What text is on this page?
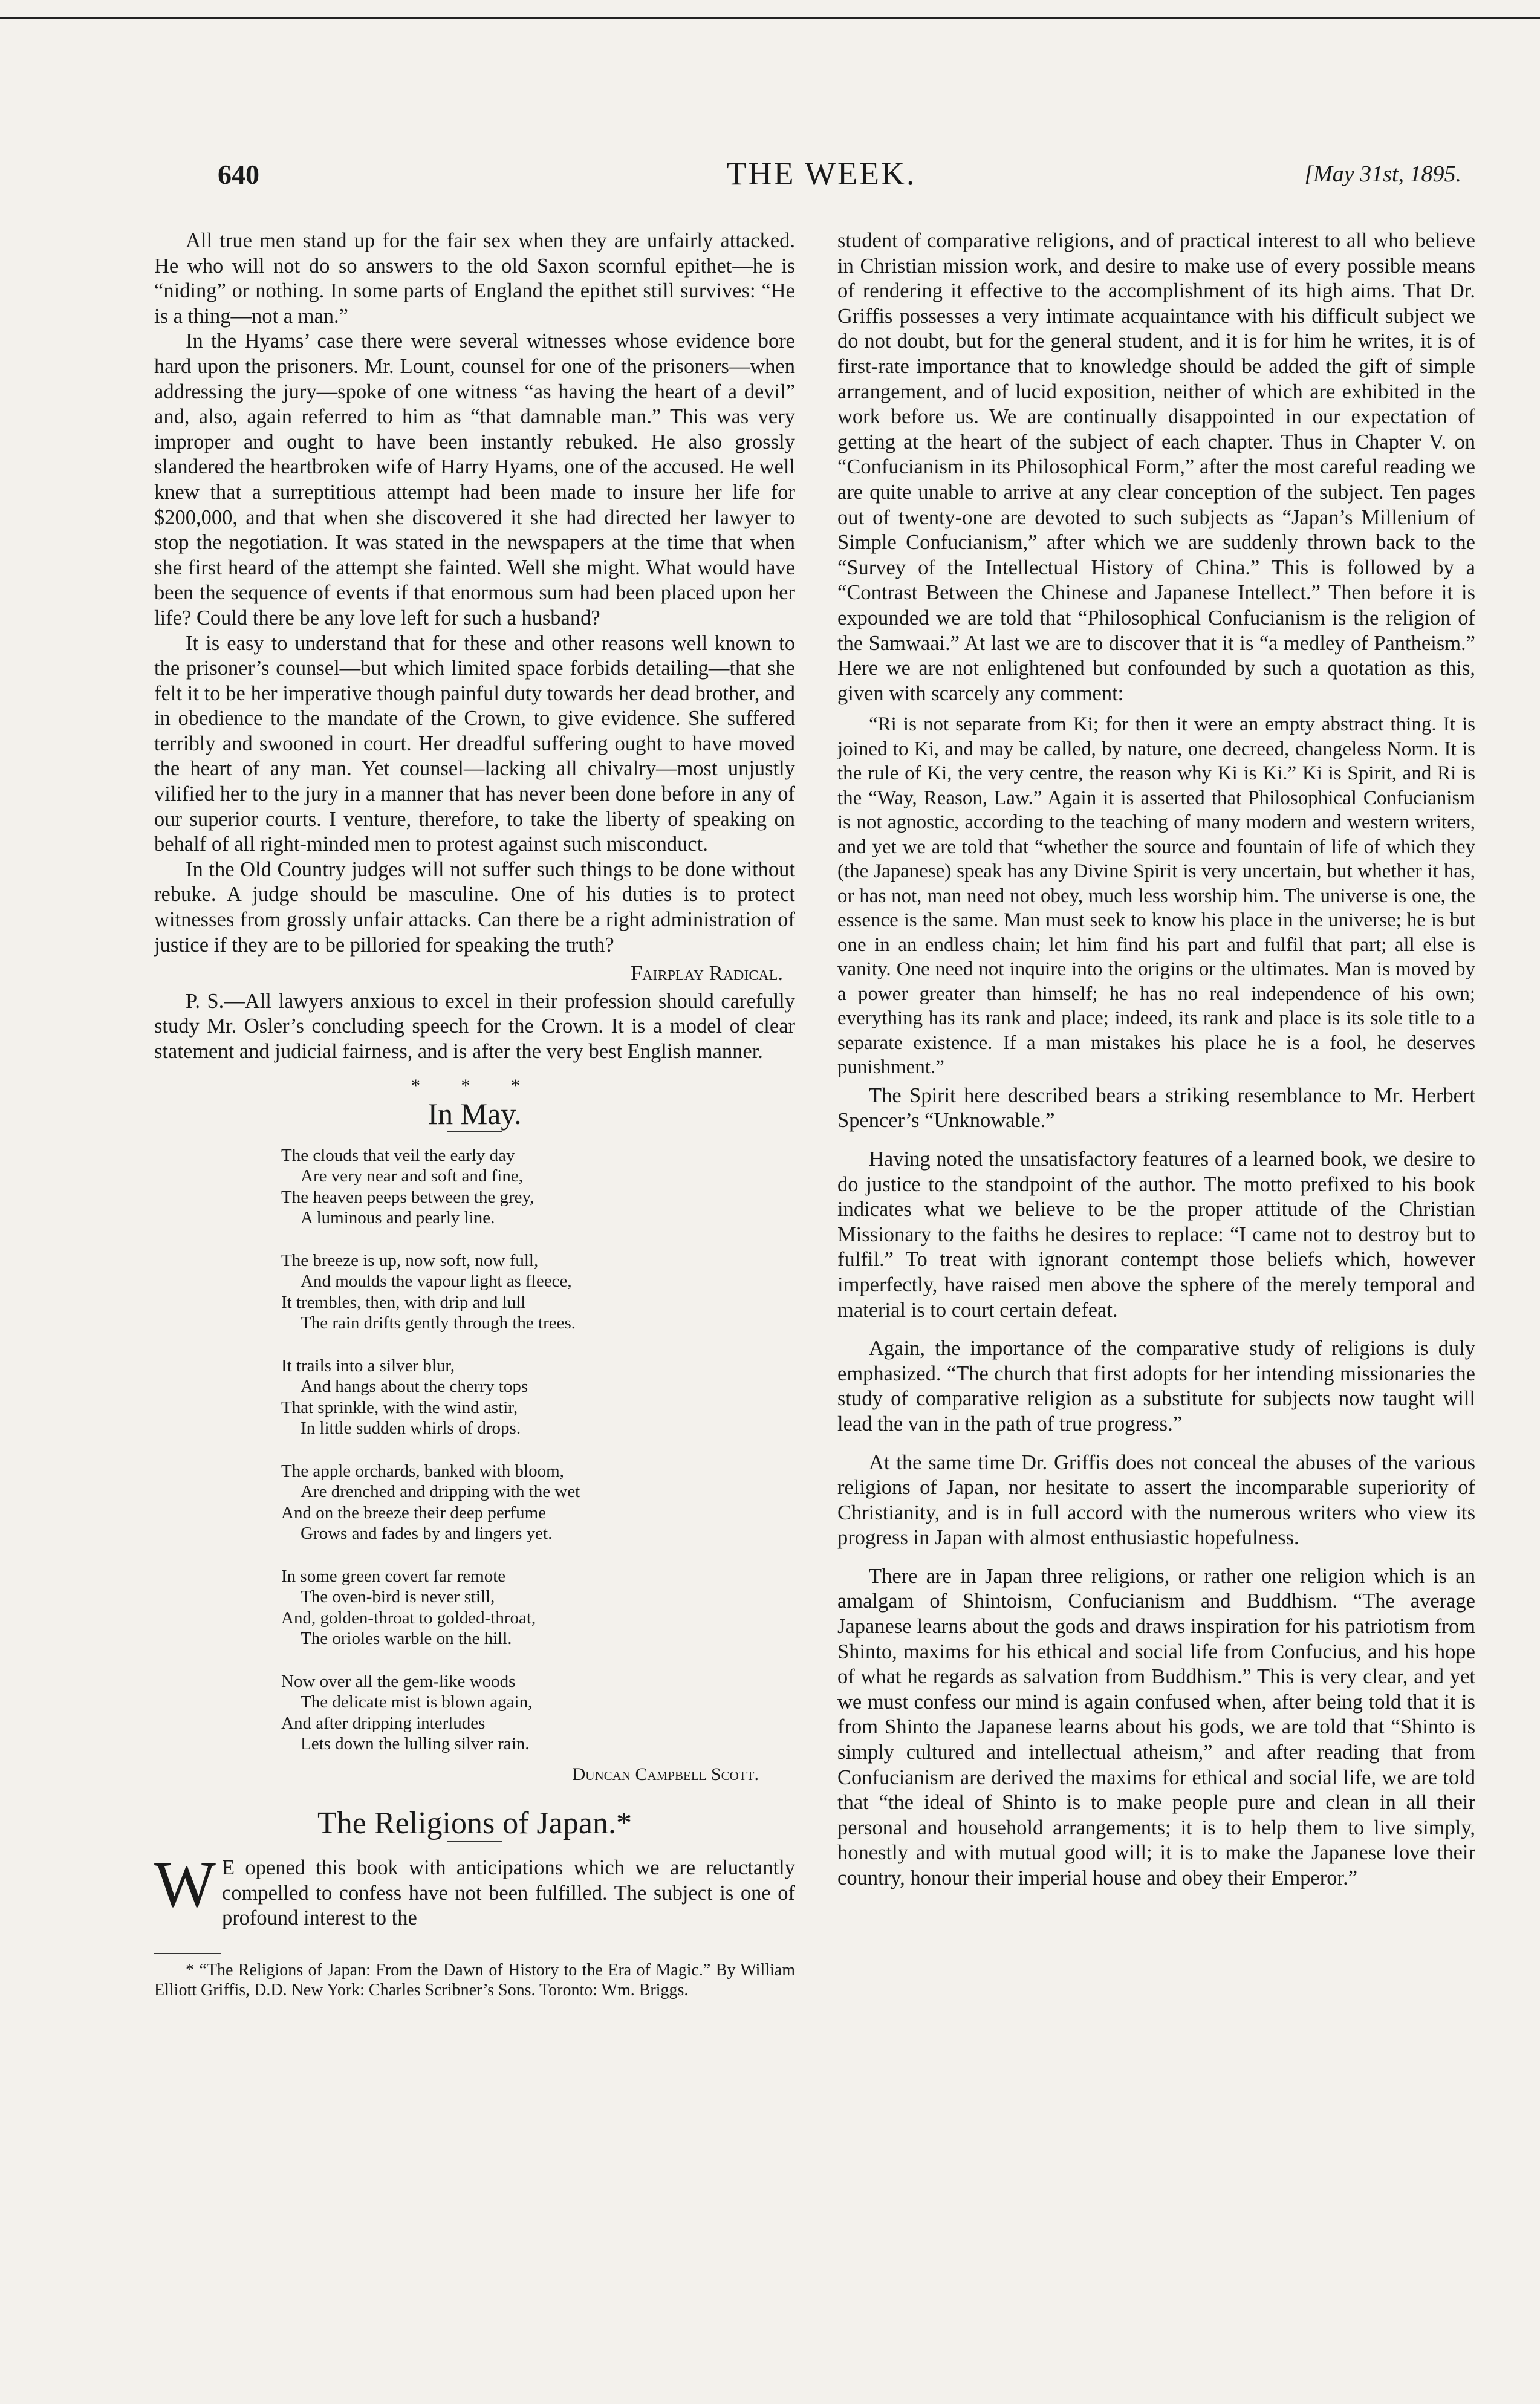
640	THE WEEK.	[May 31st, 1895.

All true men stand up for the fair sex when they are unfairly attacked. He who will not do so answers to the old Saxon scornful epithet—he is “niding” or nothing. In some parts of England the epithet still survives: “He is a thing—not a man.”

In the Hyams’ case there were several witnesses whose evidence bore hard upon the prisoners. Mr. Lount, counsel for one of the prisoners—when addressing the jury—spoke of one witness “as having the heart of a devil” and, also, again referred to him as “that damnable man.” This was very improper and ought to have been instantly rebuked. He also grossly slandered the heartbroken wife of Harry Hyams, one of the accused. He well knew that a surreptitious attempt had been made to insure her life for $200,000, and that when she discovered it she had directed her lawyer to stop the negotiation. It was stated in the newspapers at the time that when she first heard of the attempt she fainted. Well she might. What would have been the sequence of events if that enormous sum had been placed upon her life? Could there be any love left for such a husband?

It is easy to understand that for these and other reasons well known to the prisoner’s counsel—but which limited space forbids detailing—that she felt it to be her imperative though painful duty towards her dead brother, and in obedience to the mandate of the Crown, to give evidence. She suffered terribly and swooned in court. Her dreadful suffering ought to have moved the heart of any man. Yet counsel—lacking all chivalry—most unjustly vilified her to the jury in a manner that has never been done before in any of our superior courts. I venture, therefore, to take the liberty of speaking on behalf of all right-minded men to protest against such misconduct.

In the Old Country judges will not suffer such things to be done without rebuke. A judge should be masculine. One of his duties is to protect witnesses from grossly unfair attacks. Can there be a right administration of justice if they are to be pilloried for speaking the truth?

Fairplay Radical.

P. S.—All lawyers anxious to excel in their profession should carefully study Mr. Osler’s concluding speech for the Crown. It is a model of clear statement and judicial fairness, and is after the very best English manner.

* * *
In May.

The clouds that veil the early day

Are very near and soft and fine,

The heaven peeps between the grey,

A luminous and pearly line.

The breeze is up, now soft, now full,

And moulds the vapour light as fleece,

It trembles, then, with drip and lull

The rain drifts gently through the trees.

It trails into a silver blur,

And hangs about the cherry tops

That sprinkle, with the wind astir,

In little sudden whirls of drops.

The apple orchards, banked with bloom,

Are drenched and dripping with the wet

And on the breeze their deep perfume

Grows and fades by and lingers yet.

In some green covert far remote

The oven-bird is never still,

And, golden-throat to golded-throat,

The orioles warble on the hill.

Now over all the gem-like woods

The delicate mist is blown again,

And after dripping interludes

Lets down the lulling silver rain.

Duncan Campbell Scott.

The Religions of Japan.*

W E opened this book with anticipations which we are reluctantly compelled to confess have not been fulfilled. The subject is one of profound interest to the

* “The Religions of Japan: From the Dawn of History to the Era of Magic.” By William Elliott Griffis, D.D. New York: Charles Scribner’s Sons. Toronto: Wm. Briggs.

student of comparative religions, and of practical interest to all who believe in Christian mission work, and desire to make use of every possible means of rendering it effective to the accomplishment of its high aims. That Dr. Griffis possesses a very intimate acquaintance with his difficult subject we do not doubt, but for the general student, and it is for him he writes, it is of first-rate importance that to knowledge should be added the gift of simple arrangement, and of lucid exposition, neither of which are exhibited in the work before us. We are continually disappointed in our expectation of getting at the heart of the subject of each chapter. Thus in Chapter V. on “Confucianism in its Philosophical Form,” after the most careful reading we are quite unable to arrive at any clear conception of the subject. Ten pages out of twenty-one are devoted to such subjects as “Japan’s Millenium of Simple Confucianism,” after which we are suddenly thrown back to the “Survey of the Intellectual History of China.” This is followed by a “Contrast Between the Chinese and Japanese Intellect.” Then before it is expounded we are told that “Philosophical Confucianism is the religion of the Samwaai.” At last we are to discover that it is “a medley of Pantheism.” Here we are not enlightened but confounded by such a quotation as this, given with scarcely any comment:

“Ri is not separate from Ki; for then it were an empty abstract thing. It is joined to Ki, and may be called, by nature, one decreed, changeless Norm. It is the rule of Ki, the very centre, the reason why Ki is Ki.” Ki is Spirit, and Ri is the “Way, Reason, Law.” Again it is asserted that Philosophical Confucianism is not agnostic, according to the teaching of many modern and western writers, and yet we are told that “whether the source and fountain of life of which they (the Japanese) speak has any Divine Spirit is very uncertain, but whether it has, or has not, man need not obey, much less worship him. The universe is one, the essence is the same. Man must seek to know his place in the universe; he is but one in an endless chain; let him find his part and fulfil that part; all else is vanity. One need not inquire into the origins or the ultimates. Man is moved by a power greater than himself; he has no real independence of his own; everything has its rank and place; indeed, its rank and place is its sole title to a separate existence. If a man mistakes his place he is a fool, he deserves punishment.”

The Spirit here described bears a striking resemblance to Mr. Herbert Spencer’s “Unknowable.”

Having noted the unsatisfactory features of a learned book, we desire to do justice to the standpoint of the author. The motto prefixed to his book indicates what we believe to be the proper attitude of the Christian Missionary to the faiths he desires to replace: “I came not to destroy but to fulfil.” To treat with ignorant contempt those beliefs which, however imperfectly, have raised men above the sphere of the merely temporal and material is to court certain defeat.

Again, the importance of the comparative study of religions is duly emphasized. “The church that first adopts for her intending missionaries the study of comparative religion as a substitute for subjects now taught will lead the van in the path of true progress.”

At the same time Dr. Griffis does not conceal the abuses of the various religions of Japan, nor hesitate to assert the incomparable superiority of Christianity, and is in full accord with the numerous writers who view its progress in Japan with almost enthusiastic hopefulness.

There are in Japan three religions, or rather one religion which is an amalgam of Shintoism, Confucianism and Buddhism. “The average Japanese learns about the gods and draws inspiration for his patriotism from Shinto, maxims for his ethical and social life from Confucius, and his hope of what he regards as salvation from Buddhism.” This is very clear, and yet we must confess our mind is again confused when, after being told that it is from Shinto the Japanese learns about his gods, we are told that “Shinto is simply cultured and intellectual atheism,” and after reading that from Confucianism are derived the maxims for ethical and social life, we are told that “the ideal of Shinto is to make people pure and clean in all their personal and household arrangements; it is to help them to live simply, honestly and with mutual good will; it is to make the Japanese love their country, honour their imperial house and obey their Emperor.”
